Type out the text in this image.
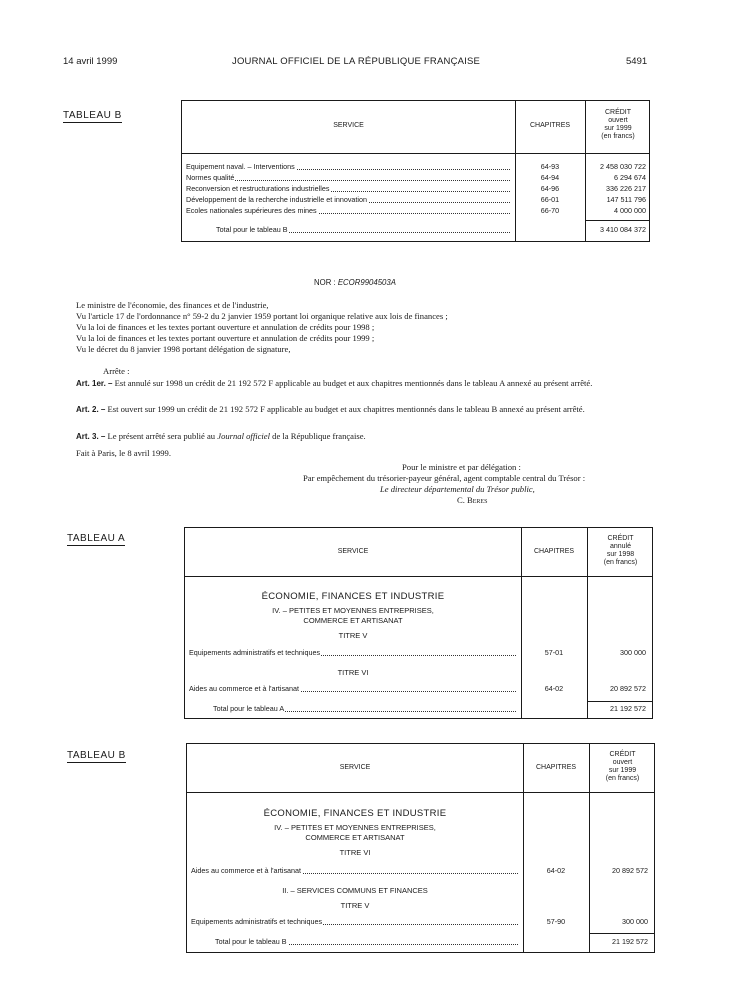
14 avril 1999	JOURNAL OFFICIEL DE LA RÉPUBLIQUE FRANÇAISE	5491
TABLEAU B
SERVICE	CHAPITRES
CRÉDIT
ouvert
sur 1999
(en francs)
Equipement naval. – Interventions	64-93	2 458 030 722
Normes qualité	64-94	6 294 674
Reconversion et restructurations industrielles	64-96	336 226 217
Développement de la recherche industrielle et innovation	66-01	147 511 796
Ecoles nationales supérieures des mines	66-70	4 000 000
Total pour le tableau B	3 410 084 372
NOR : ECOR9904503A
Le ministre de l'économie, des finances et de l'industrie,
Vu l'article 17 de l'ordonnance n° 59-2 du 2 janvier 1959 portant loi organique relative aux lois de finances ;
Vu la loi de finances et les textes portant ouverture et annulation de crédits pour 1998 ;
Vu la loi de finances et les textes portant ouverture et annulation de crédits pour 1999 ;
Vu le décret du 8 janvier 1998 portant délégation de signature,
Arrête :
Art. 1er. – Est annulé sur 1998 un crédit de 21 192 572 F applicable au budget et aux chapitres mentionnés dans le tableau A annexé au présent arrêté.
Art. 2. – Est ouvert sur 1999 un crédit de 21 192 572 F applicable au budget et aux chapitres mentionnés dans le tableau B annexé au présent arrêté.
Art. 3. – Le présent arrêté sera publié au Journal officiel de la République française.
Fait à Paris, le 8 avril 1999.
Pour le ministre et par délégation :
Par empêchement du trésorier-payeur général, agent comptable central du Trésor :
Le directeur départemental du Trésor public,
C. Beres
TABLEAU A
SERVICE	CHAPITRES
CRÉDIT
annulé
sur 1998
(en francs)
ÉCONOMIE, FINANCES ET INDUSTRIE
IV. – PETITES ET MOYENNES ENTREPRISES,
COMMERCE ET ARTISANAT
TITRE V
Equipements administratifs et techniques	57-01	300 000
TITRE VI
Aides au commerce et à l'artisanat	64-02	20 892 572
Total pour le tableau A	21 192 572
TABLEAU B
SERVICE	CHAPITRES
CRÉDIT
ouvert
sur 1999
(en francs)
ÉCONOMIE, FINANCES ET INDUSTRIE
IV. – PETITES ET MOYENNES ENTREPRISES,
COMMERCE ET ARTISANAT
TITRE VI
Aides au commerce et à l'artisanat	64-02	20 892 572
II. – SERVICES COMMUNS ET FINANCES
TITRE V
Equipements administratifs et techniques	57-90	300 000
Total pour le tableau B	21 192 572
